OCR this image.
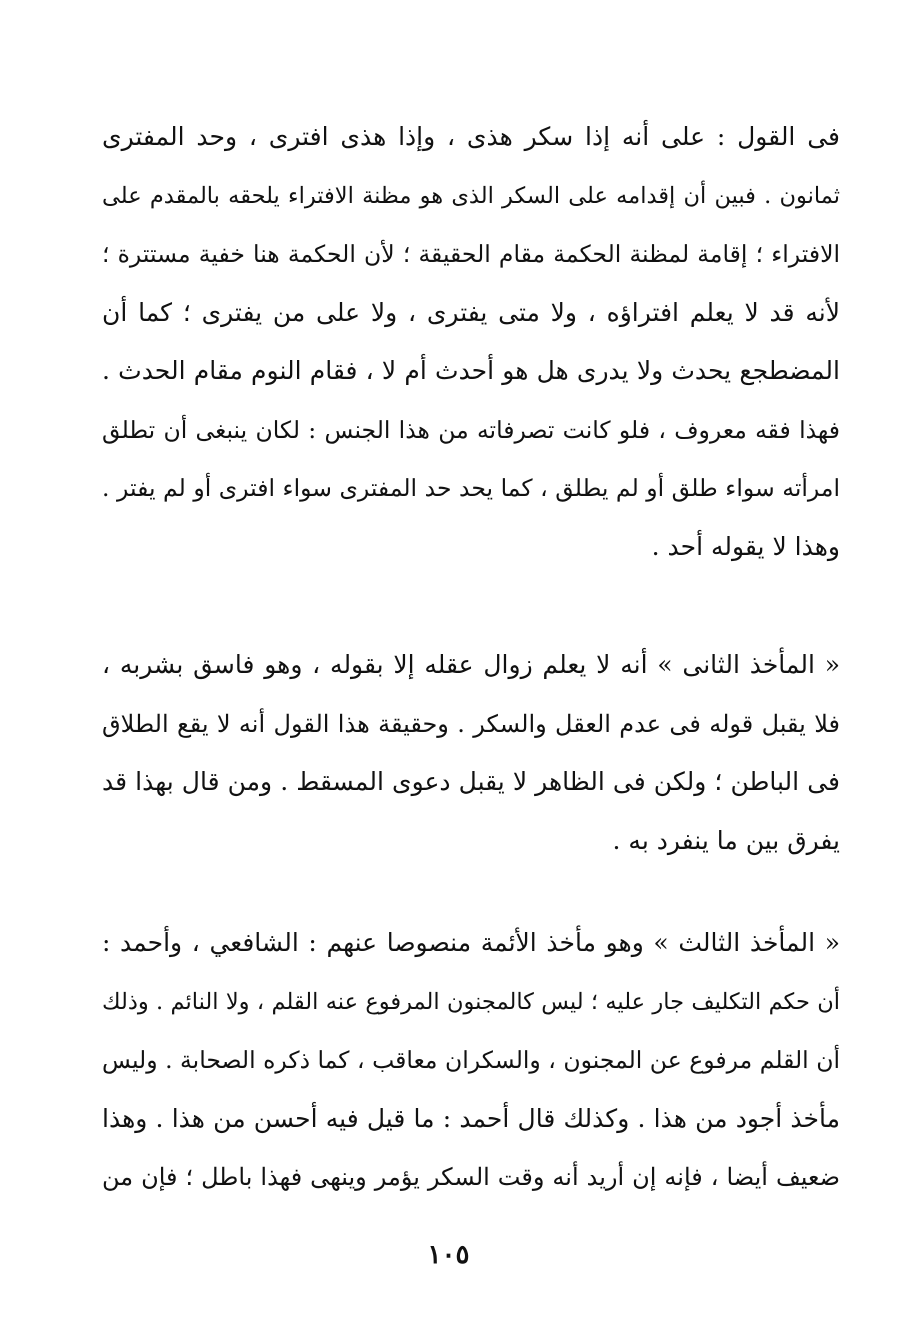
فى القول : على أنه إذا سكر هذى ، وإذا هذى افترى ، وحد المفترى
ثمانون . فبين أن إقدامه على السكر الذى هو مظنة الافتراء يلحقه بالمقدم على
الافتراء ؛ إقامة لمظنة الحكمة مقام الحقيقة ؛ لأن الحكمة هنا خفية مستترة ؛
لأنه قد لا يعلم افتراؤه ، ولا متى يفترى ، ولا على من يفترى ؛ كما أن
المضطجع يحدث ولا يدرى هل هو أحدث أم لا ، فقام النوم مقام الحدث .
فهذا فقه معروف ، فلو كانت تصرفاته من هذا الجنس : لكان ينبغى أن تطلق
امرأته سواء طلق أو لم يطلق ، كما يحد حد المفترى سواء افترى أو لم يفتر .
وهذا لا يقوله أحد .
« المأخذ الثانى » أنه لا يعلم زوال عقله إلا بقوله ، وهو فاسق بشربه ،
فلا يقبل قوله فى عدم العقل والسكر . وحقيقة هذا القول أنه لا يقع الطلاق
فى الباطن ؛ ولكن فى الظاهر لا يقبل دعوى المسقط . ومن قال بهذا قد
يفرق بين ما ينفرد به .
« المأخذ الثالث » وهو مأخذ الأئمة منصوصا عنهم : الشافعي ، وأحمد :
أن حكم التكليف جار عليه ؛ ليس كالمجنون المرفوع عنه القلم ، ولا النائم . وذلك
أن القلم مرفوع عن المجنون ، والسكران معاقب ، كما ذكره الصحابة . وليس
مأخذ أجود من هذا . وكذلك قال أحمد : ما قيل فيه أحسن من هذا . وهذا
ضعيف أيضا ، فإنه إن أريد أنه وقت السكر يؤمر وينهى فهذا باطل ؛ فإن من
١٠٥
